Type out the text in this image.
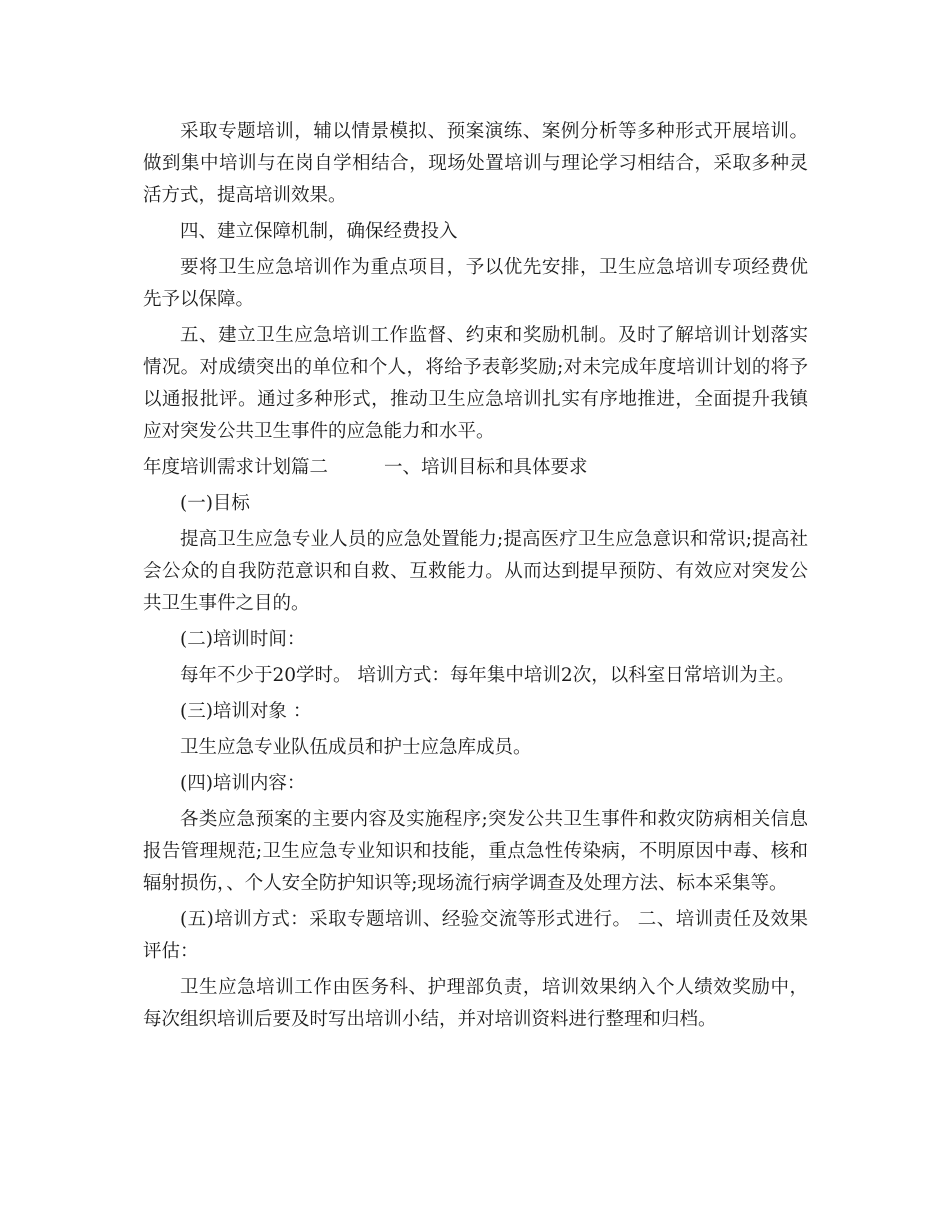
采取专题培训，辅以情景模拟、预案演练、案例分析等多种形式开展培训。做到集中培训与在岗自学相结合，现场处置培训与理论学习相结合，采取多种灵活方式，提高培训效果。

四、建立保障机制，确保经费投入

要将卫生应急培训作为重点项目，予以优先安排，卫生应急培训专项经费优先予以保障。

五、建立卫生应急培训工作监督、约束和奖励机制。及时了解培训计划落实情况。对成绩突出的单位和个人，将给予表彰奖励;对未完成年度培训计划的将予以通报批评。通过多种形式，推动卫生应急培训扎实有序地推进，全面提升我镇应对突发公共卫生事件的应急能力和水平。

年度培训需求计划篇二	一、培训目标和具体要求

(一)目标

提高卫生应急专业人员的应急处置能力;提高医疗卫生应急意识和常识;提高社会公众的自我防范意识和自救、互救能力。从而达到提早预防、有效应对突发公共卫生事件之目的。

(二)培训时间：

每年不少于20学时。 培训方式：每年集中培训2次，以科室日常培训为主。

(三)培训对象 ：

卫生应急专业队伍成员和护士应急库成员。

(四)培训内容：

各类应急预案的主要内容及实施程序;突发公共卫生事件和救灾防病相关信息报告管理规范;卫生应急专业知识和技能，重点急性传染病，不明原因中毒、核和辐射损伤，、个人安全防护知识等;现场流行病学调查及处理方法、标本采集等。

(五)培训方式：采取专题培训、经验交流等形式进行。 二、培训责任及效果评估：

卫生应急培训工作由医务科、护理部负责，培训效果纳入个人绩效奖励中，每次组织培训后要及时写出培训小结，并对培训资料进行整理和归档。
